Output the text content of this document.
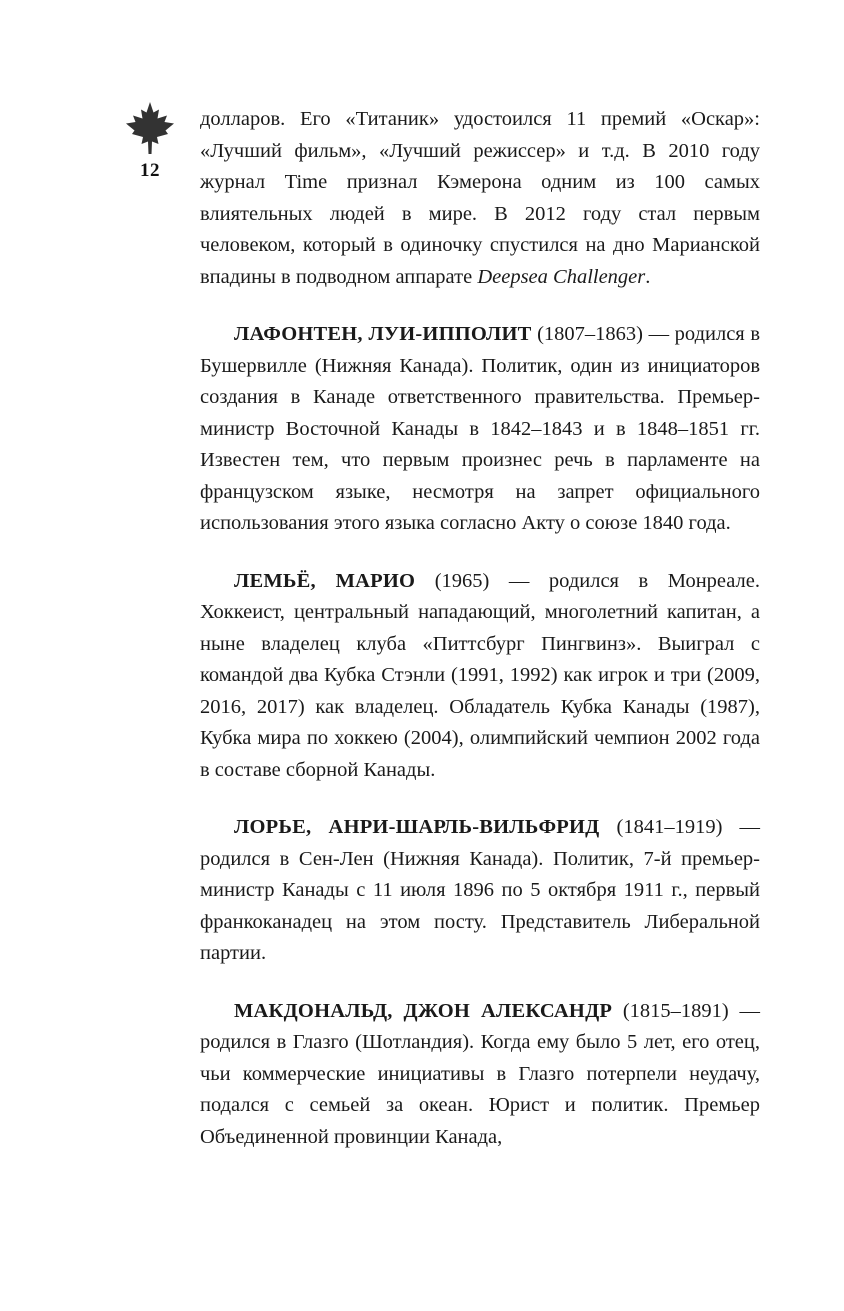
12

долларов. Его «Титаник» удостоился 11 премий «Оскар»: «Лучший фильм», «Лучший режиссер» и т.д. В 2010 году журнал Time признал Кэмерона одним из 100 самых влиятельных людей в мире. В 2012 году стал первым человеком, который в одиночку спустился на дно Марианской впадины в подводном аппарате Deepsea Challenger.

ЛАФОНТЕН, ЛУИ-ИППОЛИТ (1807–1863) — родился в Бушервилле (Нижняя Канада). Политик, один из инициаторов создания в Канаде ответственного правительства. Премьер-министр Восточной Канады в 1842–1843 и в 1848–1851 гг. Известен тем, что первым произнес речь в парламенте на французском языке, несмотря на запрет официального использования этого языка согласно Акту о союзе 1840 года.

ЛЕМЬЁ, МАРИО (1965) — родился в Монреале. Хоккеист, центральный нападающий, многолетний капитан, а ныне владелец клуба «Питтсбург Пингвинз». Выиграл с командой два Кубка Стэнли (1991, 1992) как игрок и три (2009, 2016, 2017) как владелец. Обладатель Кубка Канады (1987), Кубка мира по хоккею (2004), олимпийский чемпион 2002 года в составе сборной Канады.

ЛОРЬЕ, АНРИ-ШАРЛЬ-ВИЛЬФРИД (1841–1919) — родился в Сен-Лен (Нижняя Канада). Политик, 7-й премьер-министр Канады с 11 июля 1896 по 5 октября 1911 г., первый франкоканадец на этом посту. Представитель Либеральной партии.

МАКДОНАЛЬД, ДЖОН АЛЕКСАНДР (1815–1891) — родился в Глазго (Шотландия). Когда ему было 5 лет, его отец, чьи коммерческие инициативы в Глазго потерпели неудачу, подался с семьей за океан. Юрист и политик. Премьер Объединенной провинции Канада,
